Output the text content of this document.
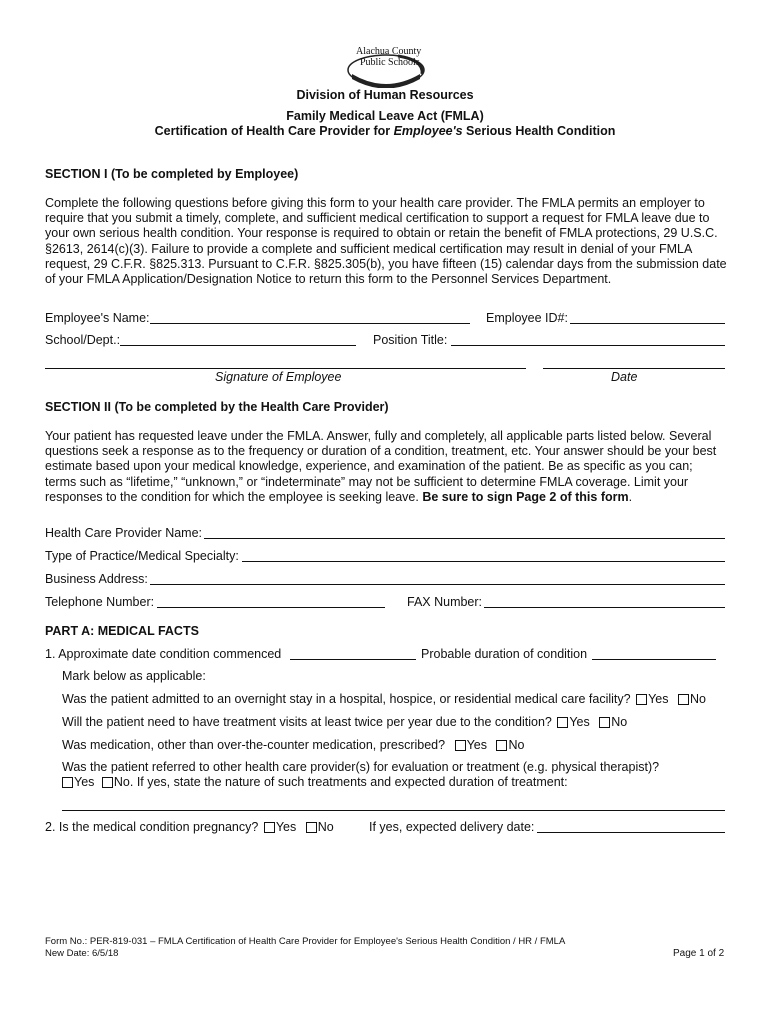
Alachua County
Public Schools
Division of Human Resources
Family Medical Leave Act (FMLA)
Certification of Health Care Provider for Employee's Serious Health Condition
SECTION I (To be completed by Employee)

Complete the following questions before giving this form to your health care provider. The FMLA permits an employer to require that you submit a timely, complete, and sufficient medical certification to support a request for FMLA leave due to your own serious health condition. Your response is required to obtain or retain the benefit of FMLA protections, 29 U.S.C. §2613, 2614(c)(3). Failure to provide a complete and sufficient medical certification may result in denial of your FMLA request, 29 C.F.R. §825.313. Pursuant to C.F.R. §825.305(b), you have fifteen (15) calendar days from the submission date of your FMLA Application/Designation Notice to return this form to the Personnel Services Department.

Employee's Name:	Employee ID#:
School/Dept.:	Position Title:
Signature of Employee	Date
SECTION II (To be completed by the Health Care Provider)

Your patient has requested leave under the FMLA. Answer, fully and completely, all applicable parts listed below. Several questions seek a response as to the frequency or duration of a condition, treatment, etc. Your answer should be your best estimate based upon your medical knowledge, experience, and examination of the patient. Be as specific as you can; terms such as “lifetime,” “unknown,” or “indeterminate” may not be sufficient to determine FMLA coverage. Limit your responses to the condition for which the employee is seeking leave. Be sure to sign Page 2 of this form.

Health Care Provider Name:
Type of Practice/Medical Specialty:
Business Address:
Telephone Number:	FAX Number:
PART A: MEDICAL FACTS
1. Approximate date condition commenced	Probable duration of condition
Mark below as applicable:
Was the patient admitted to an overnight stay in a hospital, hospice, or residential medical care facility? Yes No
Will the patient need to have treatment visits at least twice per year due to the condition? Yes No
Was medication, other than over-the-counter medication, prescribed? Yes No
Was the patient referred to other health care provider(s) for evaluation or treatment (e.g. physical therapist)?
Yes No. If yes, state the nature of such treatments and expected duration of treatment:
2. Is the medical condition pregnancy? Yes No	If yes, expected delivery date:
Form No.: PER-819-031 – FMLA Certification of Health Care Provider for Employee's Serious Health Condition / HR / FMLA
New Date: 6/5/18	Page 1 of 2
